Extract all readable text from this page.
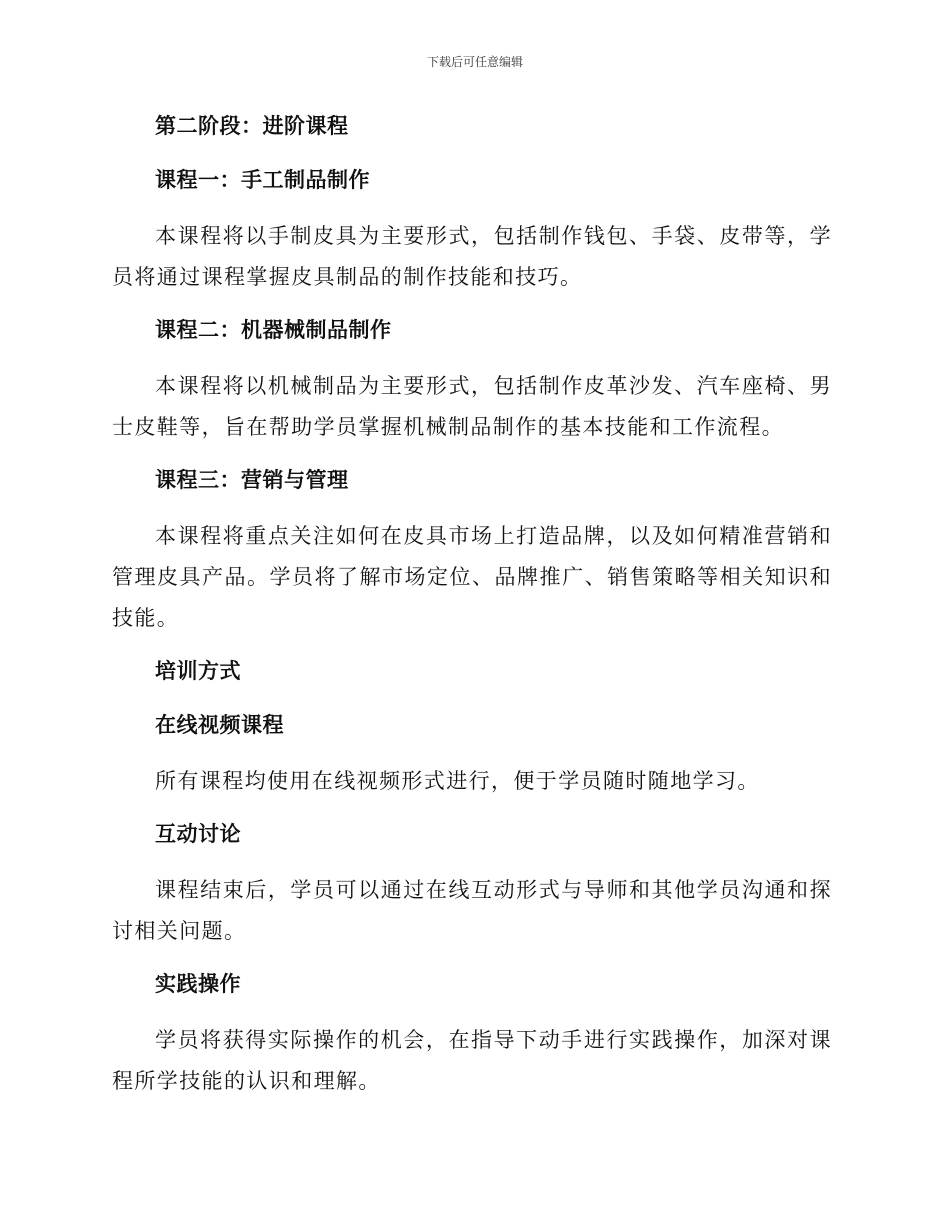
下载后可任意编辑
第二阶段：进阶课程
课程一：手工制品制作
本课程将以手制皮具为主要形式，包括制作钱包、手袋、皮带等，学员将通过课程掌握皮具制品的制作技能和技巧。
课程二：机器械制品制作
本课程将以机械制品为主要形式，包括制作皮革沙发、汽车座椅、男士皮鞋等，旨在帮助学员掌握机械制品制作的基本技能和工作流程。
课程三：营销与管理
本课程将重点关注如何在皮具市场上打造品牌，以及如何精准营销和管理皮具产品。学员将了解市场定位、品牌推广、销售策略等相关知识和技能。
培训方式
在线视频课程
所有课程均使用在线视频形式进行，便于学员随时随地学习。
互动讨论
课程结束后，学员可以通过在线互动形式与导师和其他学员沟通和探讨相关问题。
实践操作
学员将获得实际操作的机会，在指导下动手进行实践操作，加深对课程所学技能的认识和理解。
